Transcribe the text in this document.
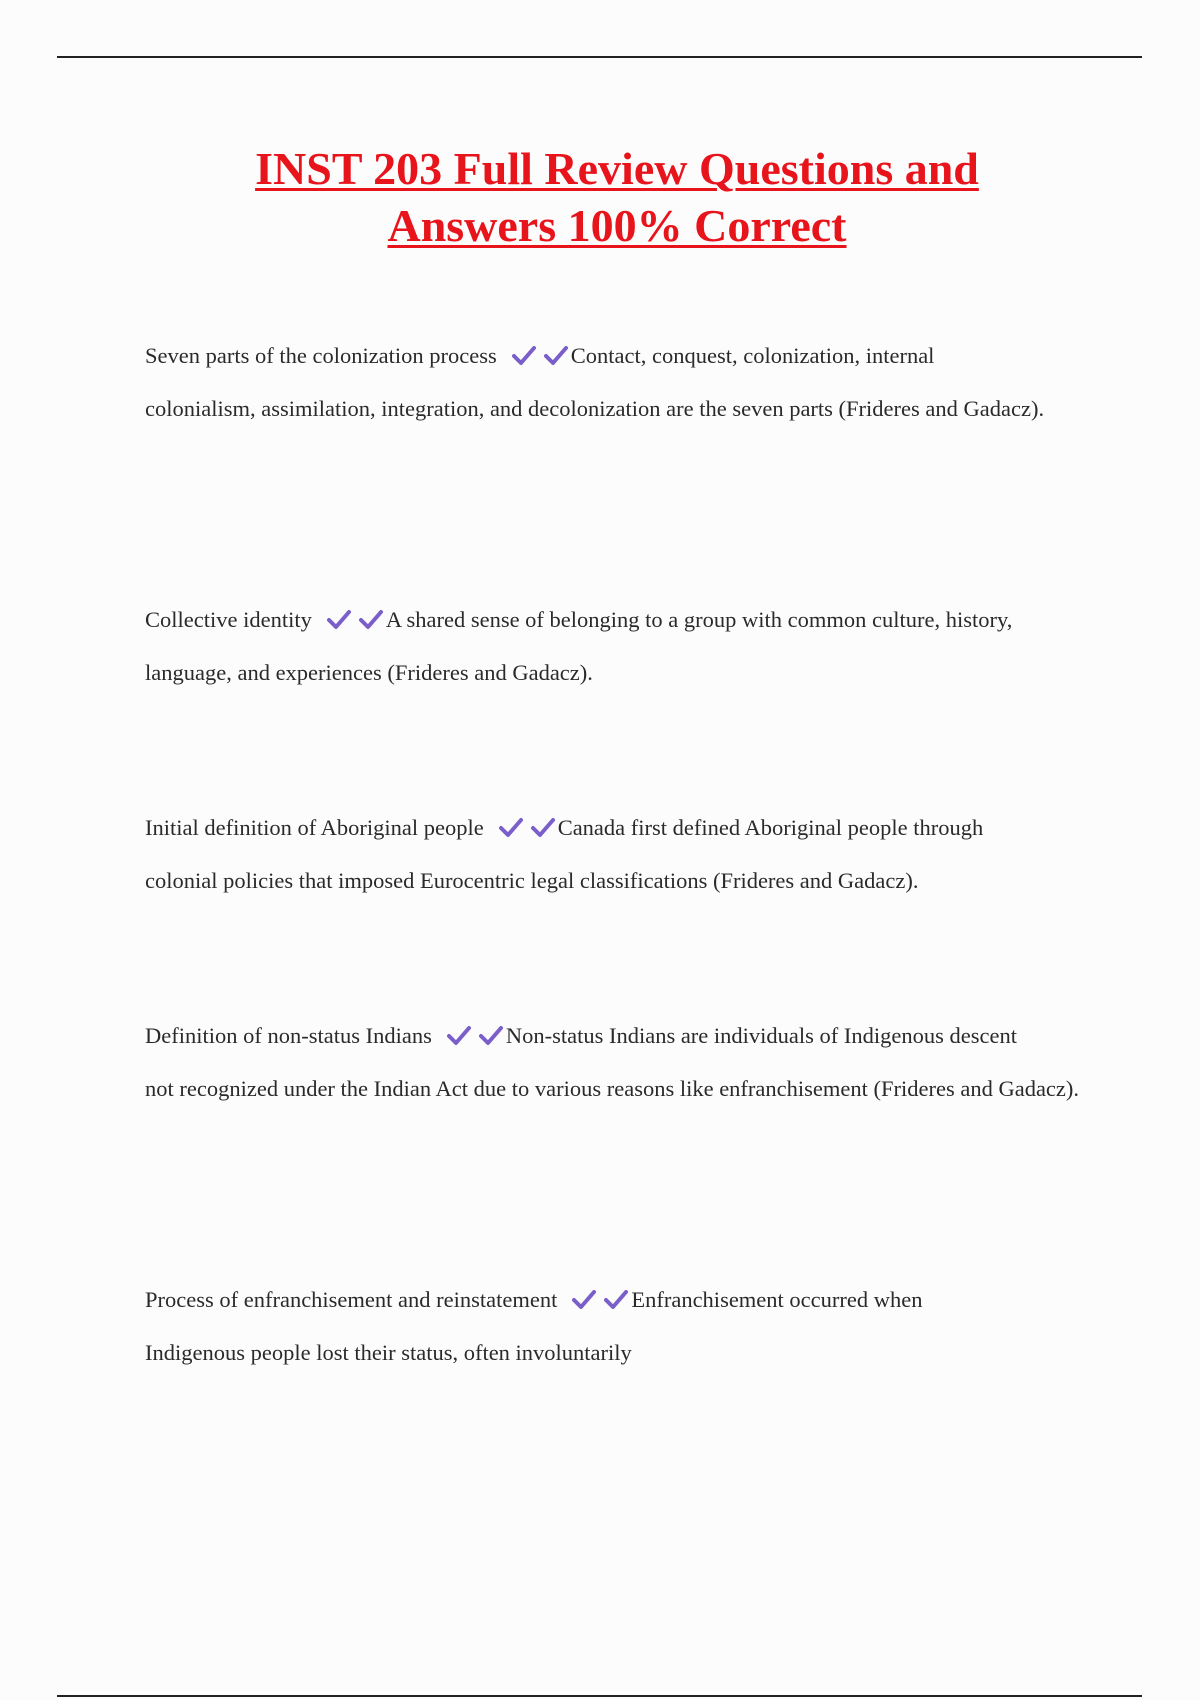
INST 203 Full Review Questions and
Answers 100% Correct
Seven parts of the colonization process	Contact, conquest, colonization, internal
colonialism, assimilation, integration, and decolonization are the seven parts (Frideres and Gadacz).
Collective identity	A shared sense of belonging to a group with common culture, history,
language, and experiences (Frideres and Gadacz).
Initial definition of Aboriginal people	Canada first defined Aboriginal people through
colonial policies that imposed Eurocentric legal classifications (Frideres and Gadacz).
Definition of non-status Indians	Non-status Indians are individuals of Indigenous descent
not recognized under the Indian Act due to various reasons like enfranchisement (Frideres and Gadacz).
Process of enfranchisement and reinstatement	Enfranchisement occurred when
Indigenous people lost their status, often involuntarily
